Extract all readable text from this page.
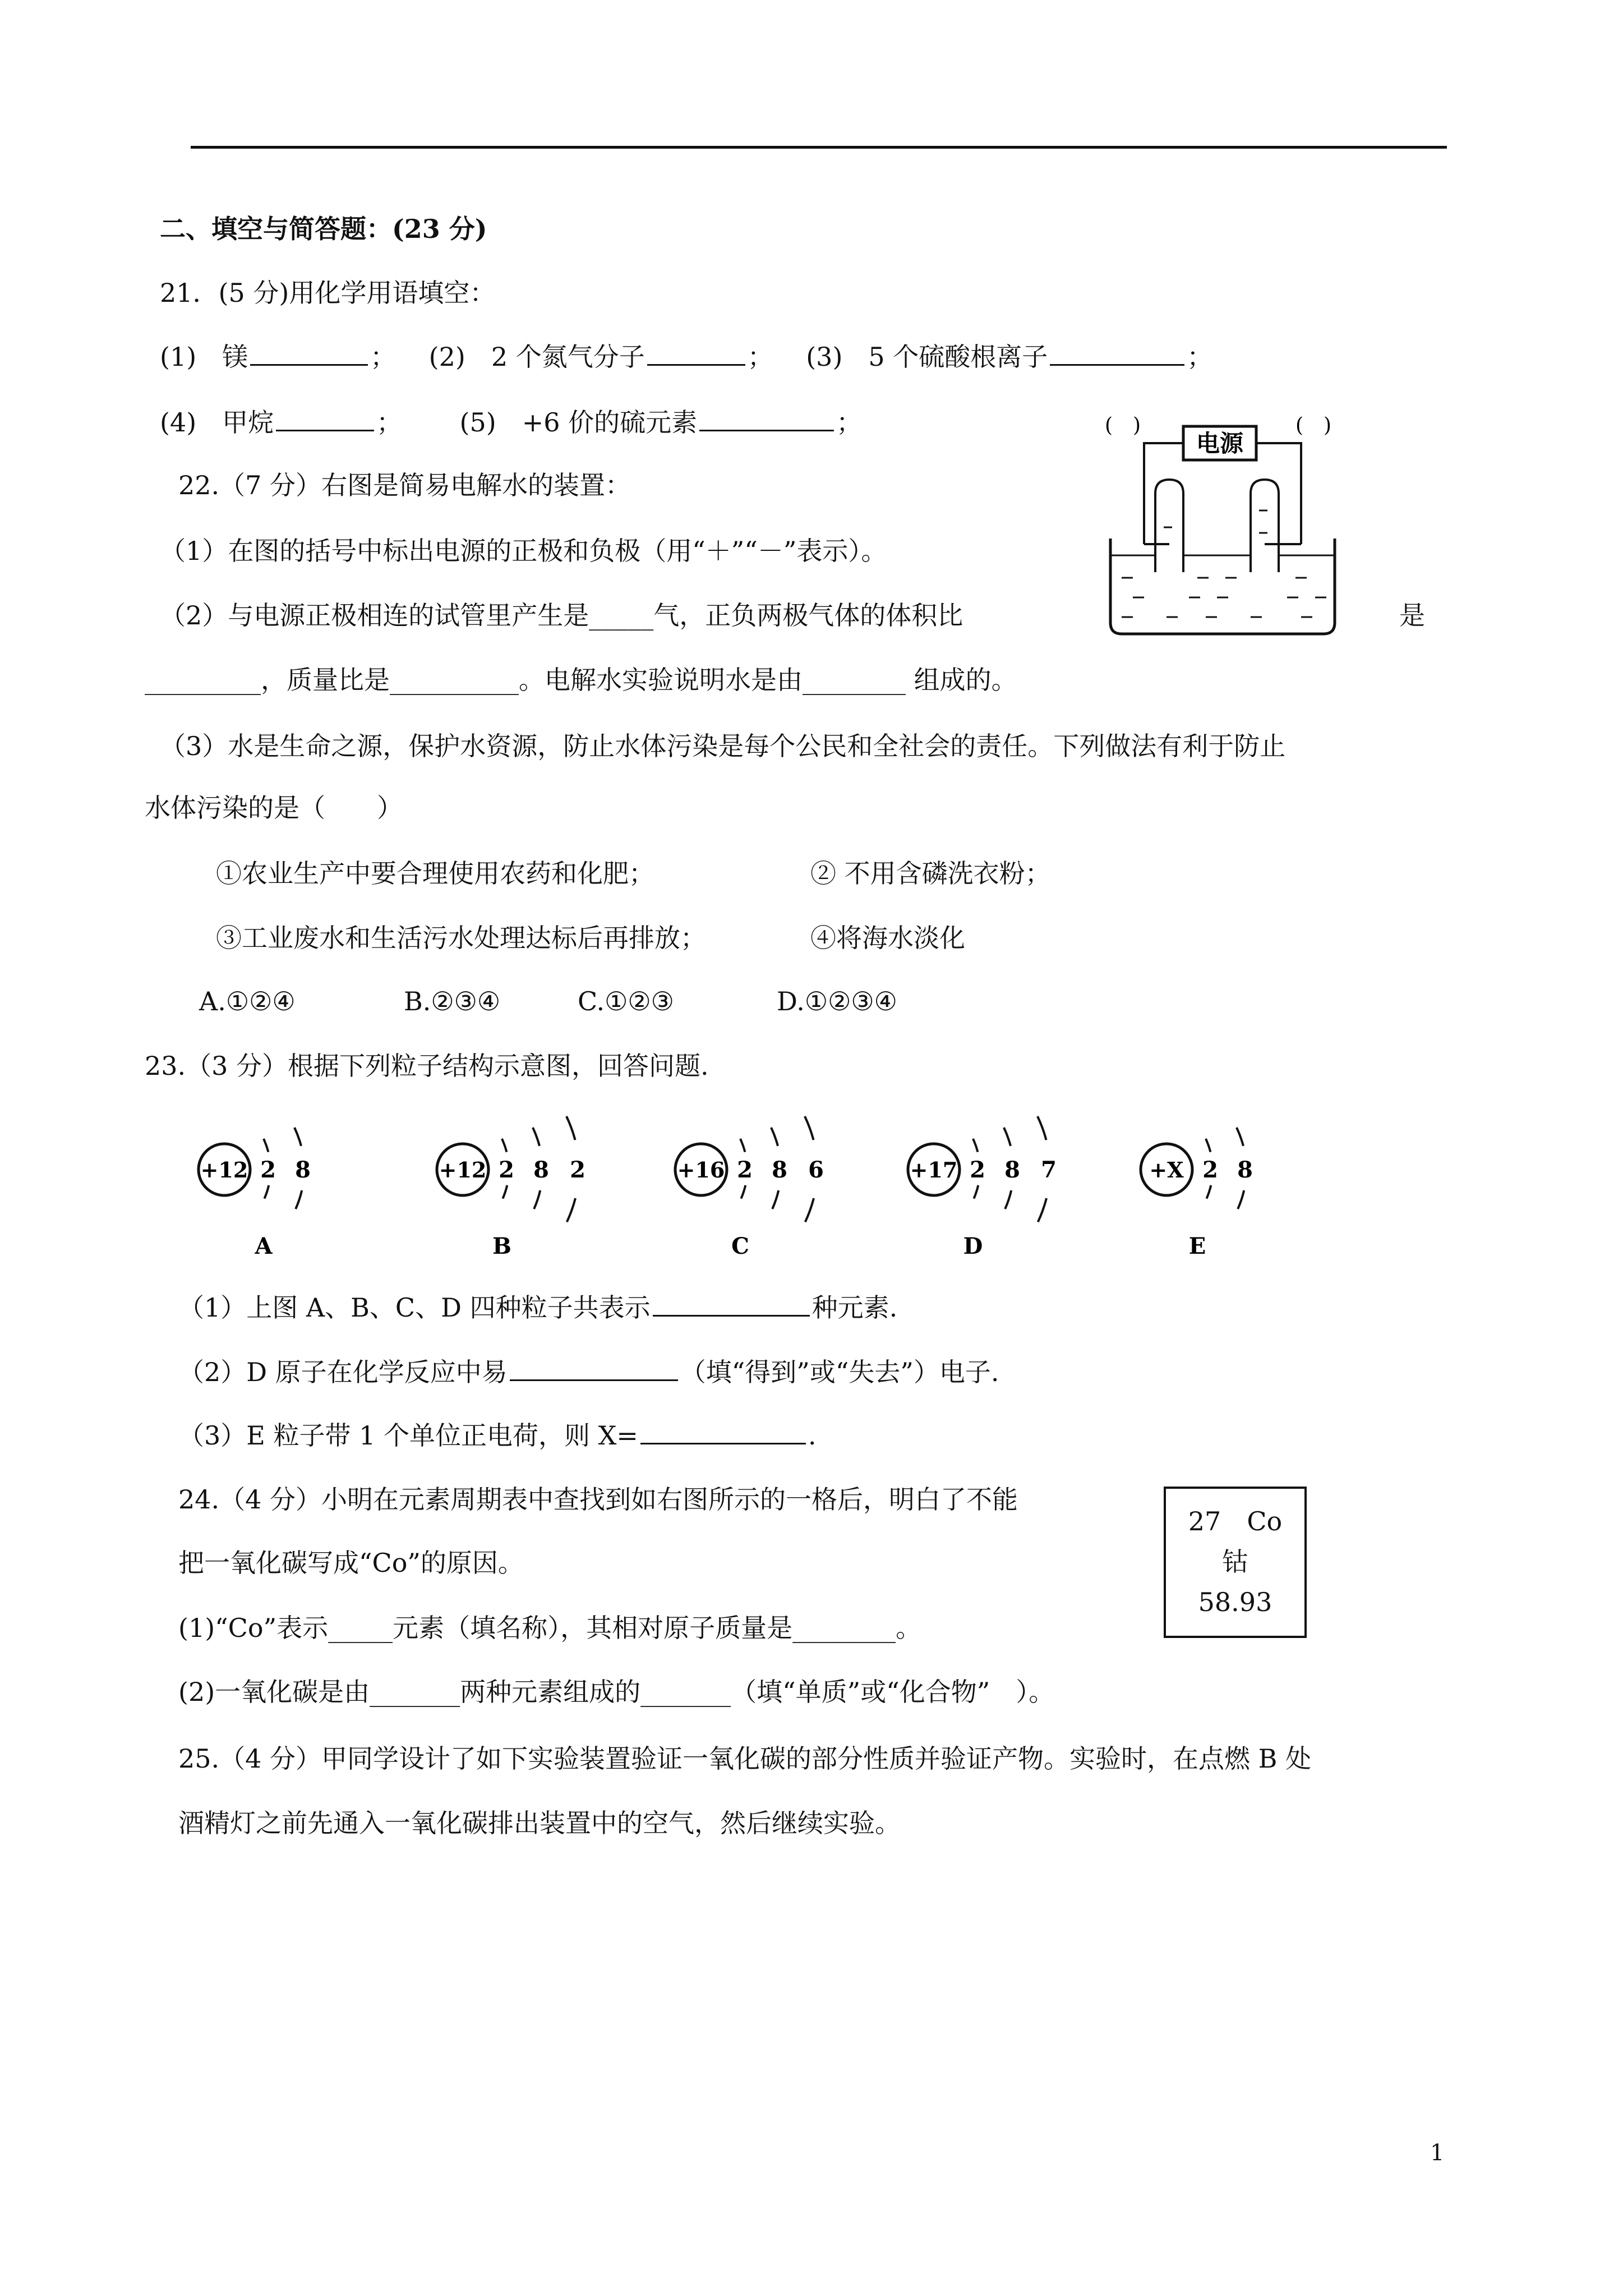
二、填空与简答题：(23 分)
21．(5 分)用化学用语填空：
(1)　镁	； (2)　2 个氮气分子	； (3)　5 个硫酸根离子	；
(4)　甲烷	； (5)　+6 价的硫元素	；
22.（7 分）右图是简易电解水的装置：
（1）在图的括号中标出电源的正极和负极（用“＋”“－”表示）。
（2）与电源正极相连的试管里产生是_____气，正负两极气体的体积比	是
_________，质量比是__________。电解水实验说明水是由________ 组成的。
（3）水是生命之源，保护水资源，防止水体污染是每个公民和全社会的责任。下列做法有利于防止
水体污染的是（　　）
①农业生产中要合理使用农药和化肥；	② 不用含磷洗衣粉；
③工业废水和生活污水处理达标后再排放；	④将海水淡化
A.①②④	B.②③④	C.①②③	D.①②③④
(　)	(　)
电源
23.（3 分）根据下列粒子结构示意图，回答问题.
+12 2 8
A
+12 2 8 2
B
+16 2 8 6
C
+17 2 8 7
D
+X 2 8
E
（1）上图 A、B、C、D 四种粒子共表示	种元素.
（2）D 原子在化学反应中易	（填“得到”或“失去”）电子.
（3）E 粒子带 1 个单位正电荷，则 X=	.
24.（4 分）小明在元素周期表中查找到如右图所示的一格后，明白了不能
把一氧化碳写成“Co”的原因。
(1)“Co”表示_____元素（填名称），其相对原子质量是________。
(2)一氧化碳是由_______两种元素组成的_______（填“单质”或“化合物”　）。
27　Co
钴
58.93
25.（4 分）甲同学设计了如下实验装置验证一氧化碳的部分性质并验证产物。实验时，在点燃 B 处
酒精灯之前先通入一氧化碳排出装置中的空气，然后继续实验。
1
